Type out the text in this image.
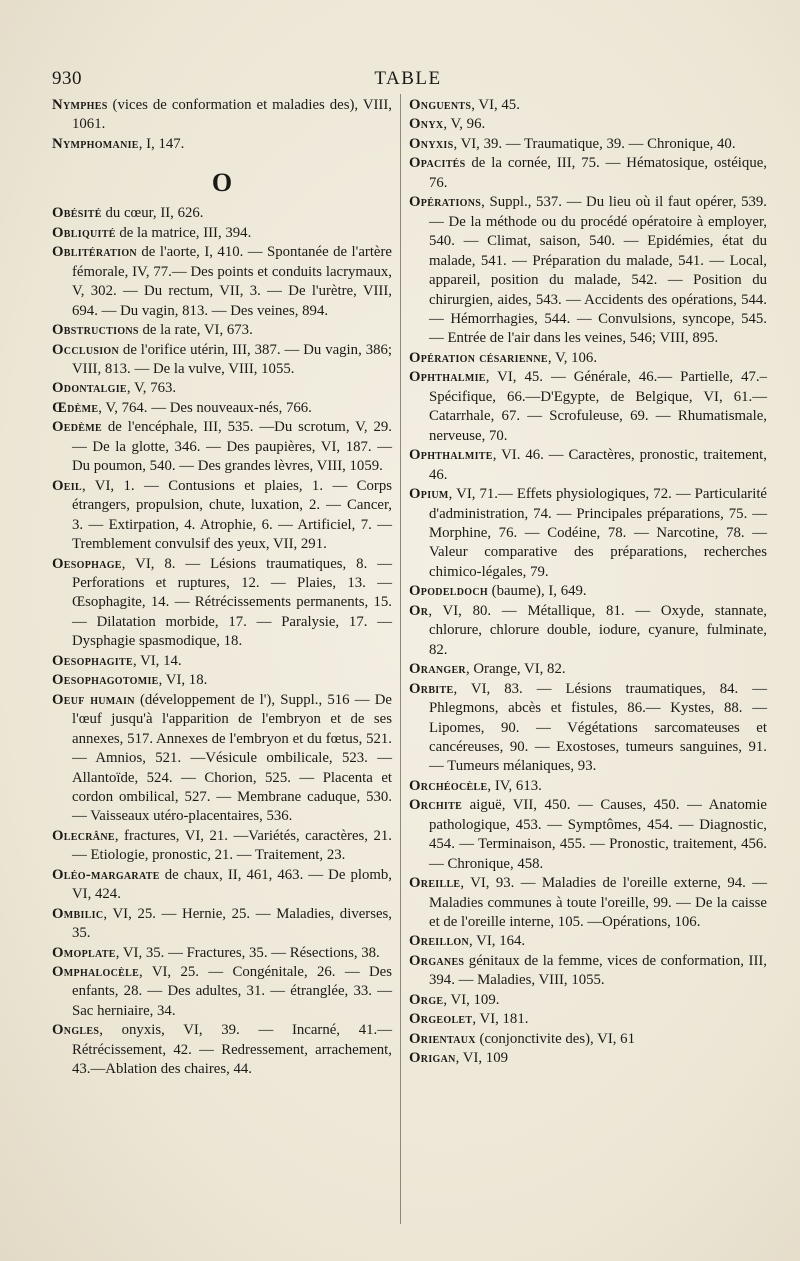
930	TABLE

Nymphes (vices de conformation et maladies des), VIII, 1061.

Nymphomanie, I, 147.

O

Obésité du cœur, II, 626.

Obliquité de la matrice, III, 394.

Oblitération de l'aorte, I, 410. — Spontanée de l'artère fémorale, IV, 77.— Des points et conduits lacrymaux, V, 302. — Du rectum, VII, 3. — De l'urètre, VIII, 694. — Du vagin, 813. — Des veines, 894.

Obstructions de la rate, VI, 673.

Occlusion de l'orifice utérin, III, 387. — Du vagin, 386; VIII, 813. — De la vulve, VIII, 1055.

Odontalgie, V, 763.

Œdème, V, 764. — Des nouveaux-nés, 766.

Oedème de l'encéphale, III, 535. —Du scrotum, V, 29. — De la glotte, 346. — Des paupières, VI, 187. — Du poumon, 540. — Des grandes lèvres, VIII, 1059.

Oeil, VI, 1. — Contusions et plaies, 1. — Corps étrangers, propulsion, chute, luxation, 2. — Cancer, 3. — Extirpation, 4. Atrophie, 6. — Artificiel, 7. — Tremblement convulsif des yeux, VII, 291.

Oesophage, VI, 8. — Lésions traumatiques, 8. — Perforations et ruptures, 12. — Plaies, 13. — Œsophagite, 14. — Rétrécissements permanents, 15. — Dilatation morbide, 17. — Paralysie, 17. — Dysphagie spasmodique, 18.

Oesophagite, VI, 14.

Oesophagotomie, VI, 18.

Oeuf humain (développement de l'), Suppl., 516 — De l'œuf jusqu'à l'apparition de l'embryon et de ses annexes, 517. Annexes de l'embryon et du fœtus, 521.— Amnios, 521. —Vésicule ombilicale, 523. — Allantoïde, 524. — Chorion, 525. — Placenta et cordon ombilical, 527. — Membrane caduque, 530. — Vaisseaux utéro-placentaires, 536.

Olecrâne, fractures, VI, 21. —Variétés, caractères, 21. — Etiologie, pronostic, 21. — Traitement, 23.

Oléo-margarate de chaux, II, 461, 463. — De plomb, VI, 424.

Ombilic, VI, 25. — Hernie, 25. — Maladies, diverses, 35.

Omoplate, VI, 35. — Fractures, 35. — Résections, 38.

Omphalocèle, VI, 25. — Congénitale, 26. — Des enfants, 28. — Des adultes, 31. — étranglée, 33. — Sac herniaire, 34.

Ongles, onyxis, VI, 39. — Incarné, 41.— Rétrécissement, 42. — Redressement, arrachement, 43.—Ablation des chaires, 44.

Onguents, VI, 45.

Onyx, V, 96.

Onyxis, VI, 39. — Traumatique, 39. — Chronique, 40.

Opacités de la cornée, III, 75. — Hématosique, ostéique, 76.

Opérations, Suppl., 537. — Du lieu où il faut opérer, 539. — De la méthode ou du procédé opératoire à employer, 540. — Climat, saison, 540. — Epidémies, état du malade, 541. — Préparation du malade, 541. — Local, appareil, position du malade, 542. — Position du chirurgien, aides, 543. — Accidents des opérations, 544. — Hémorrhagies, 544. — Convulsions, syncope, 545. — Entrée de l'air dans les veines, 546; VIII, 895.

Opération césarienne, V, 106.

Ophthalmie, VI, 45. — Générale, 46.— Partielle, 47.– Spécifique, 66.—D'Egypte, de Belgique, VI, 61.— Catarrhale, 67. — Scrofuleuse, 69. — Rhumatismale, nerveuse, 70.

Ophthalmite, VI. 46. — Caractères, pronostic, traitement, 46.

Opium, VI, 71.— Effets physiologiques, 72. — Particularité d'administration, 74. — Principales préparations, 75. — Morphine, 76. — Codéine, 78. — Narcotine, 78. — Valeur comparative des préparations, recherches chimico-légales, 79.

Opodeldoch (baume), I, 649.

Or, VI, 80. — Métallique, 81. — Oxyde, stannate, chlorure, chlorure double, iodure, cyanure, fulminate, 82.

Oranger, Orange, VI, 82.

Orbite, VI, 83. — Lésions traumatiques, 84. — Phlegmons, abcès et fistules, 86.— Kystes, 88. — Lipomes, 90. — Végétations sarcomateuses et cancéreuses, 90. — Exostoses, tumeurs sanguines, 91. — Tumeurs mélaniques, 93.

Orchéocèle, IV, 613.

Orchite aiguë, VII, 450. — Causes, 450. — Anatomie pathologique, 453. — Symptômes, 454. — Diagnostic, 454. — Terminaison, 455. — Pronostic, traitement, 456. — Chronique, 458.

Oreille, VI, 93. — Maladies de l'oreille externe, 94. — Maladies communes à toute l'oreille, 99. — De la caisse et de l'oreille interne, 105. —Opérations, 106.

Oreillon, VI, 164.

Organes génitaux de la femme, vices de conformation, III, 394. — Maladies, VIII, 1055.

Orge, VI, 109.

Orgeolet, VI, 181.

Orientaux (conjonctivite des), VI, 61

Origan, VI, 109
